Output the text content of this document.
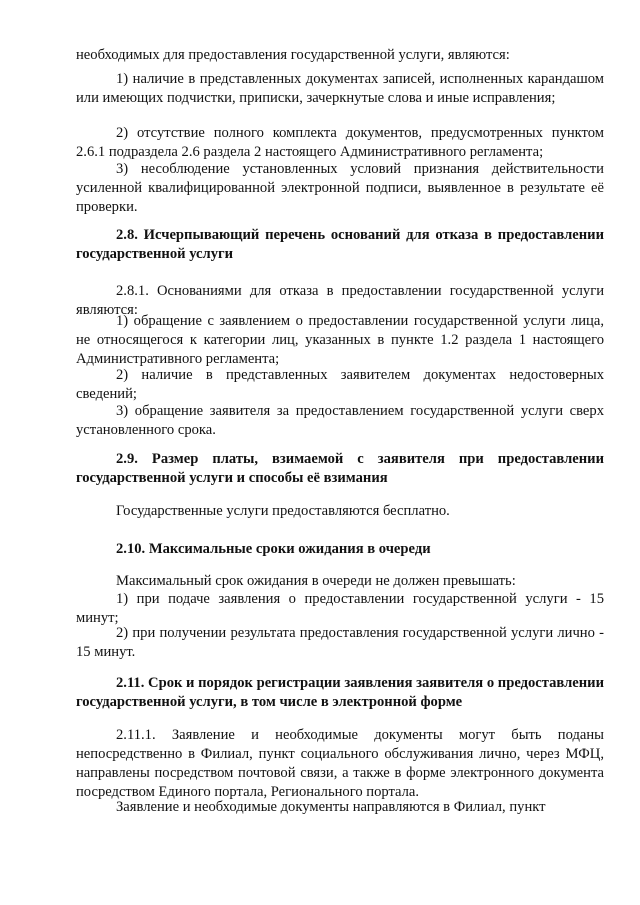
необходимых для предоставления государственной услуги, являются:

1) наличие в представленных документах записей, исполненных карандашом или имеющих подчистки, приписки, зачеркнутые слова и иные исправления;

2) отсутствие полного комплекта документов, предусмотренных пунктом 2.6.1 подраздела 2.6 раздела 2 настоящего Административного регламента;

3) несоблюдение установленных условий признания действительности усиленной квалифицированной электронной подписи, выявленное в результате её проверки.

2.8. Исчерпывающий перечень оснований для отказа в предоставлении государственной услуги

2.8.1. Основаниями для отказа в предоставлении государственной услуги являются:

1) обращение с заявлением о предоставлении государственной услуги лица, не относящегося к категории лиц, указанных в пункте 1.2 раздела 1 настоящего Административного регламента;

2) наличие в представленных заявителем документах недостоверных сведений;

3) обращение заявителя за предоставлением государственной услуги сверх установленного срока.

2.9. Размер платы, взимаемой с заявителя при предоставлении государственной услуги и способы её взимания

Государственные услуги предоставляются бесплатно.

2.10. Максимальные сроки ожидания в очереди

Максимальный срок ожидания в очереди не должен превышать:

1) при подаче заявления о предоставлении государственной услуги - 15 минут;

2) при получении результата предоставления государственной услуги лично - 15 минут.

2.11. Срок и порядок регистрации заявления заявителя о предоставлении государственной услуги, в том числе в электронной форме

2.11.1. Заявление и необходимые документы могут быть поданы непосредственно в Филиал, пункт социального обслуживания лично, через МФЦ, направлены посредством почтовой связи, а также в форме электронного документа посредством Единого портала, Регионального портала.

Заявление и необходимые документы направляются в Филиал, пункт
